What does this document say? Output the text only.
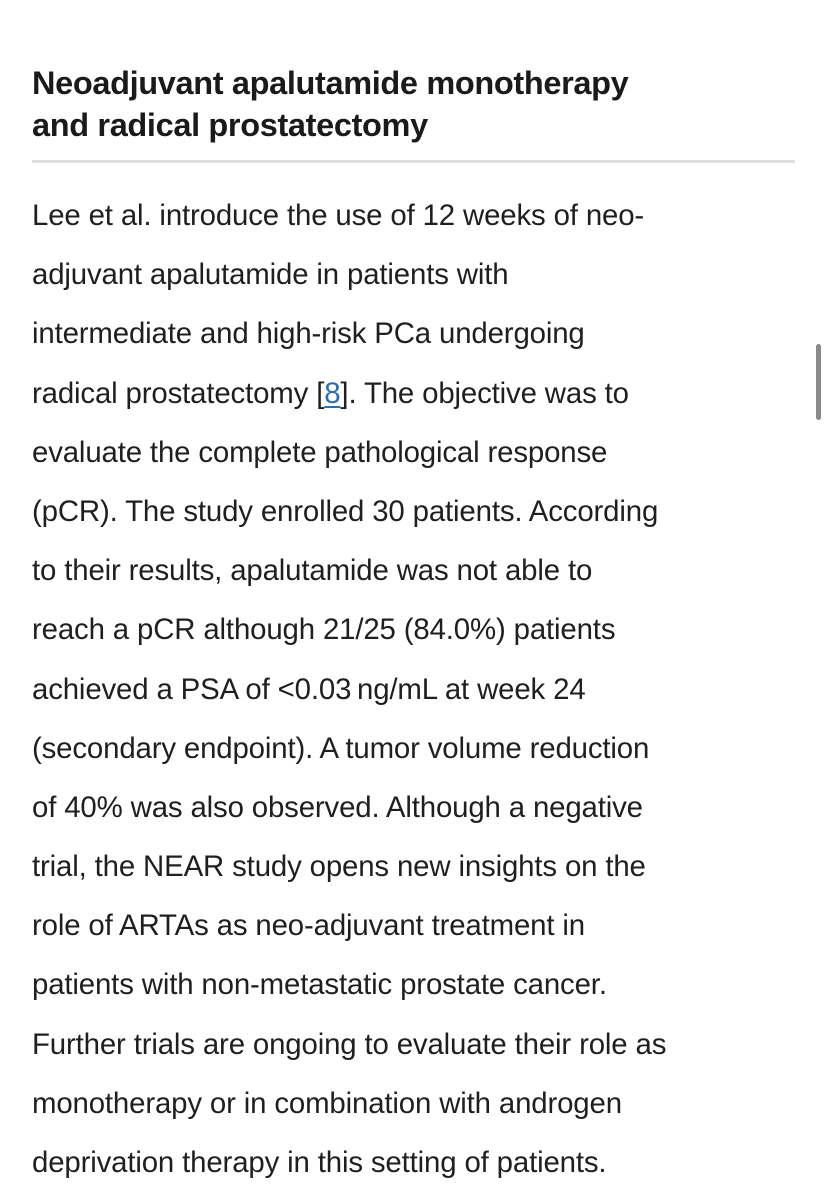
Neoadjuvant apalutamide monotherapy
and radical prostatectomy

Lee et al. introduce the use of 12 weeks of neo-
adjuvant apalutamide in patients with
intermediate and high-risk PCa undergoing
radical prostatectomy [8]. The objective was to
evaluate the complete pathological response
(pCR). The study enrolled 30 patients. According
to their results, apalutamide was not able to
reach a pCR although 21/25 (84.0%) patients
achieved a PSA of <0.03 ng/mL at week 24
(secondary endpoint). A tumor volume reduction
of 40% was also observed. Although a negative
trial, the NEAR study opens new insights on the
role of ARTAs as neo-adjuvant treatment in
patients with non-metastatic prostate cancer.
Further trials are ongoing to evaluate their role as
monotherapy or in combination with androgen
deprivation therapy in this setting of patients.
